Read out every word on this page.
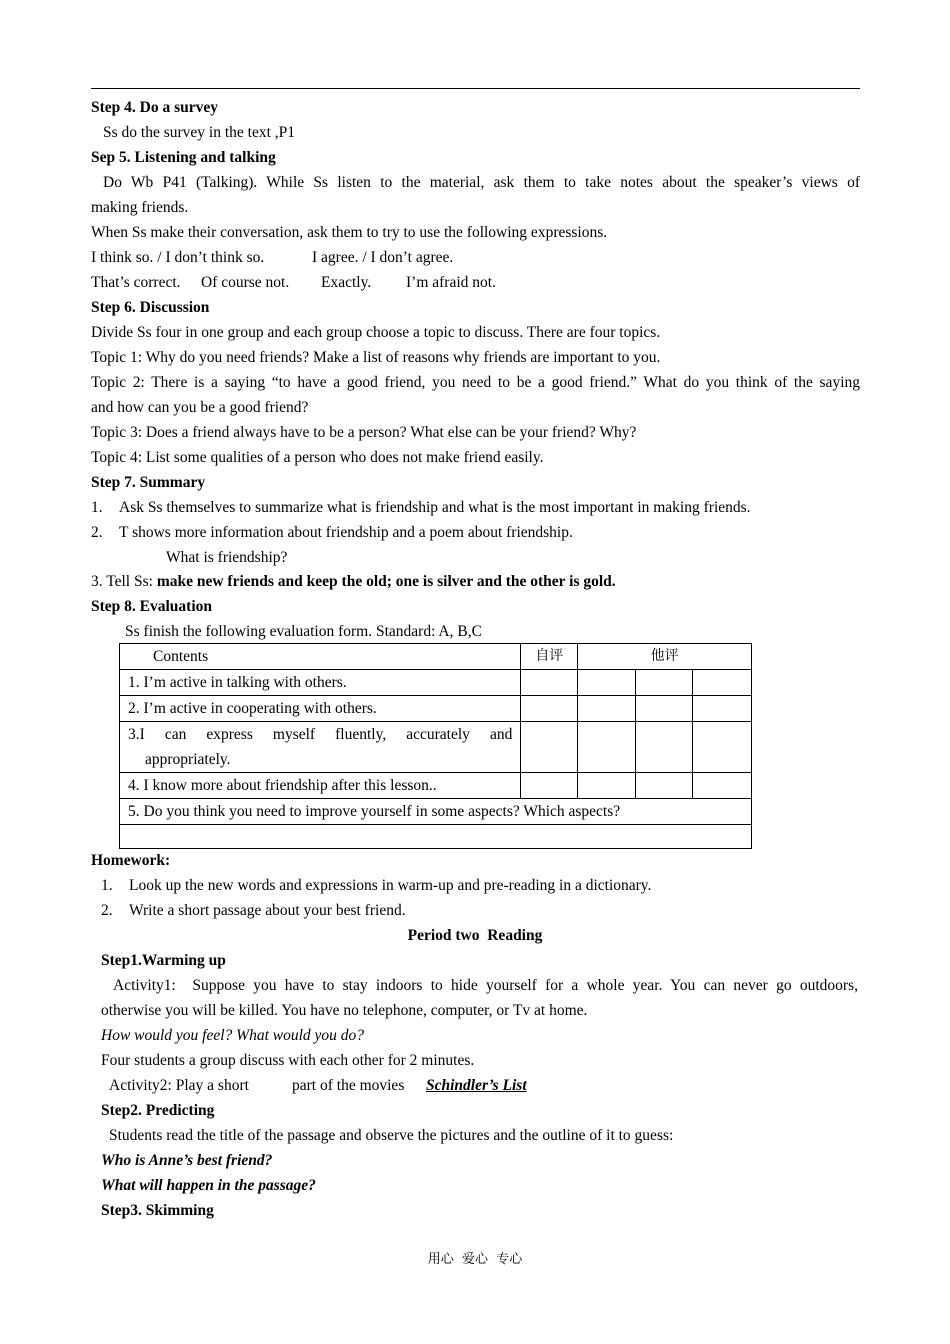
Step 4. Do a survey
Ss do the survey in the text ,P1
Sep 5. Listening and talking
Do Wb P41 (Talking). While Ss listen to the material, ask them to take notes about the speaker’s views of
making friends.
When Ss make their conversation, ask them to try to use the following expressions.
I think so. / I don’t think so.	I agree. / I don’t agree.
That’s correct. Of course not. Exactly. I’m afraid not.
Step 6. Discussion
Divide Ss four in one group and each group choose a topic to discuss. There are four topics.
Topic 1: Why do you need friends? Make a list of reasons why friends are important to you.
Topic 2: There is a saying “to have a good friend, you need to be a good friend.” What do you think of the saying
and how can you be a good friend?
Topic 3: Does a friend always have to be a person? What else can be your friend? Why?
Topic 4: List some qualities of a person who does not make friend easily.
Step 7. Summary
1. Ask Ss themselves to summarize what is friendship and what is the most important in making friends.
2. T shows more information about friendship and a poem about friendship.
What is friendship?
3. Tell Ss: make new friends and keep the old; one is silver and the other is gold.
Step 8. Evaluation
Ss finish the following evaluation form. Standard: A, B,C
Contents	自评	他评		
1. I’m active in talking with others.				
2. I’m active in cooperating with others.				

3.I can express myself fluently, accurately and
appropriately.				

4. I know more about friendship after this lesson..				
5. Do you think you need to improve yourself in some aspects? Which aspects?				

Homework:
1. Look up the new words and expressions in warm-up and pre-reading in a dictionary.
2. Write a short passage about your best friend.
Period two  Reading
Step1.Warming up
Activity1:  Suppose you have to stay indoors to hide yourself for a whole year. You can never go outdoors,
otherwise you will be killed. You have no telephone, computer, or Tv at home.
How would you feel? What would you do?
Four students a group discuss with each other for 2 minutes.
Activity2: Play a short	part of the movies Schindler’s List
Step2. Predicting
Students read the title of the passage and observe the pictures and the outline of it to guess:
Who is Anne’s best friend?
What will happen in the passage?
Step3. Skimming
用心  爱心  专心
